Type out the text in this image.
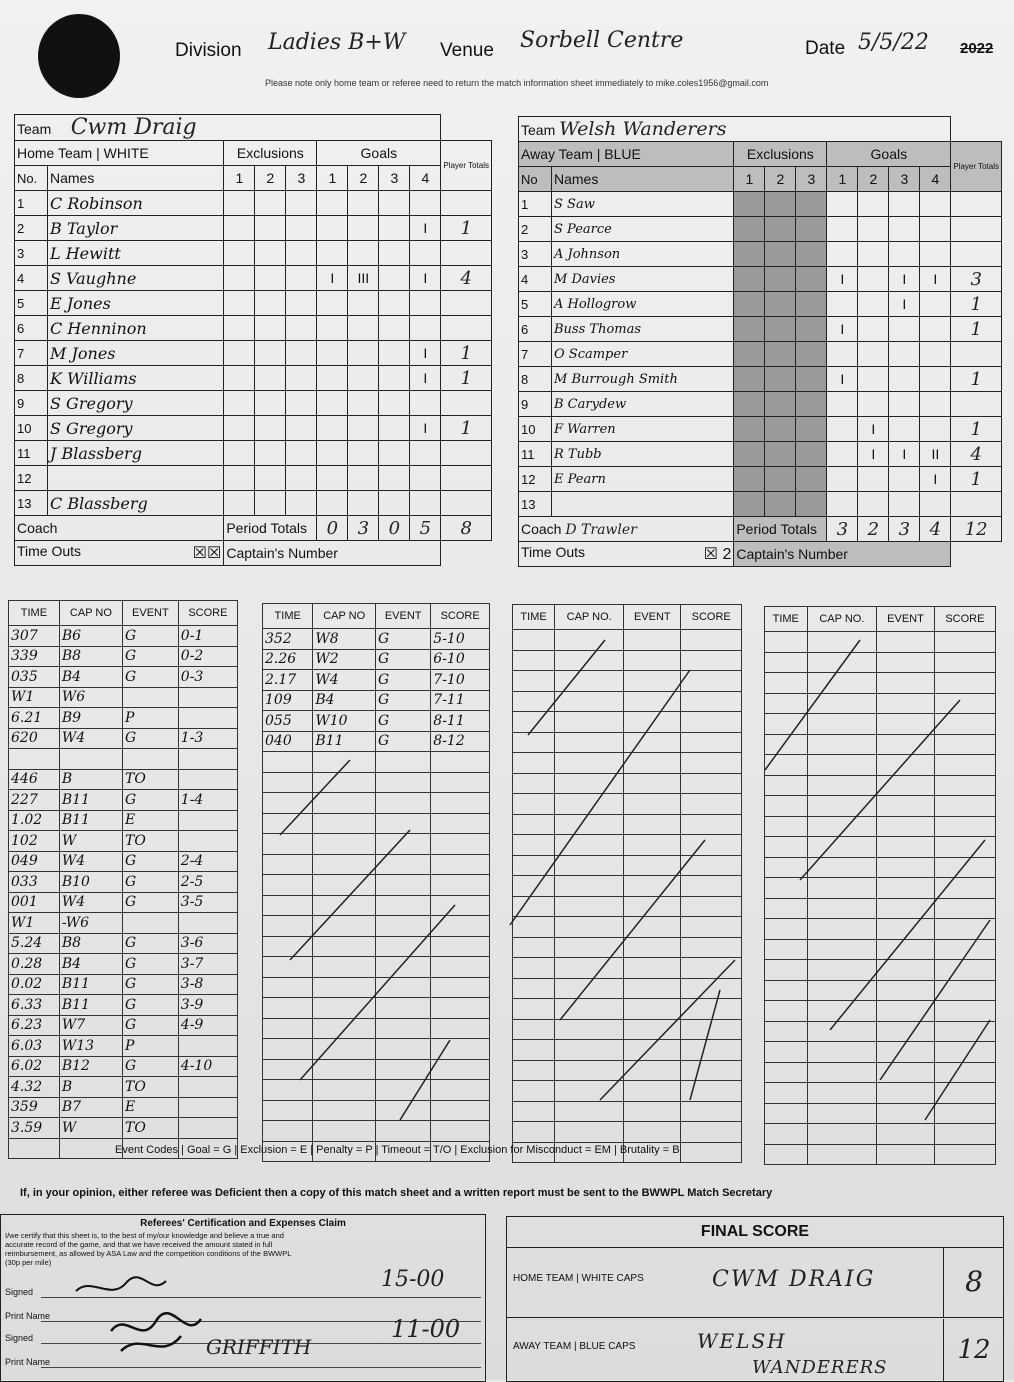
Division Ladies B+W Venue Sorbell Centre	Date 5/5/22 2022
Please note only home team or referee need to return the match information sheet immediately to mike.coles1956@gmail.com
Team Cwm Draig									
Home Team | WHITE		Exclusions			Goals				Player Totals
No.	Names	1	2	3	1	2	3	4	
1	C Robinson								
2	B Taylor							I	1
3	L Hewitt								
4	S Vaughne				I	III		I	4
5	E Jones								
6	C Henninon								
7	M Jones							I	1
8	K Williams							I	1
9	S Gregory								
10	S Gregory							I	1
11	J Blassberg								
12									
13	C Blassberg								
Coach		Period Totals			0	3	0	5	8
Time Outs ☒☒		Captain's Number							
Team Welsh Wanderers									
Away Team | BLUE		Exclusions			Goals				Player Totals
No	Names	1	2	3	1	2	3	4	
1	S Saw								
2	S Pearce								
3	A Johnson								
4	M Davies				I		I	I	3
5	A Hollogrow						I		1
6	Buss Thomas				I				1
7	O Scamper								
8	M Burrough Smith				I				1
9	B Carydew								
10	F Warren					I			1
11	R Tubb					I	I	II	4
12	E Pearn							I	1
13									
Coach D Trawler		Period Totals			3	2	3	4	12
Time Outs ☒ 2		Captain's Number							
TIME	CAP NO	EVENT	SCORE
307	B6	G	0-1
339	B8	G	0-2
035	B4	G	0-3
W1	W6		
6.21	B9	P	
620	W4	G	1-3

446	B	TO	
227	B11	G	1-4
1.02	B11	E	
102	W	TO	
049	W4	G	2-4
033	B10	G	2-5
001	W4	G	3-5
W1	-W6		
5.24	B8	G	3-6
0.28	B4	G	3-7
0.02	B11	G	3-8
6.33	B11	G	3-9
6.23	W7	G	4-9
6.03	W13	P	
6.02	B12	G	4-10
4.32	B	TO	
359	B7	E	
3.59	W	TO	

TIME	CAP NO	EVENT	SCORE
352	W8	G	5-10
2.26	W2	G	6-10
2.17	W4	G	7-10
109	B4	G	7-11
055	W10	G	8-11
040	B11	G	8-12

TIME	CAP NO.	EVENT	SCORE

				TIME	CAP NO.	EVENT	SCORE

Event Codes | Goal = G | Exclusion = E | Penalty = P | Timeout = T/O | Exclusion for Misconduct = EM | Brutality = B
If, in your opinion, either referee was Deficient then a copy of this match sheet and a written report must be sent to the BWWPL Match Secretary
Referees' Certification and Expenses Claim
I/we certify that this sheet is, to the best of my/our knowledge and believe a true and accurate record of the game, and that we have received the amount stated in full reimbursement, as allowed by ASA Law and the competition conditions of the BWWPL (30p per mile)
Signed
Print Name
Signed
Print Name
15-00
11-00
GRIFFITH
FINAL SCORE
HOME TEAM | WHITE CAPS	CWM DRAIG	8
AWAY TEAM | BLUE CAPS	WELSH
WANDERERS
12
